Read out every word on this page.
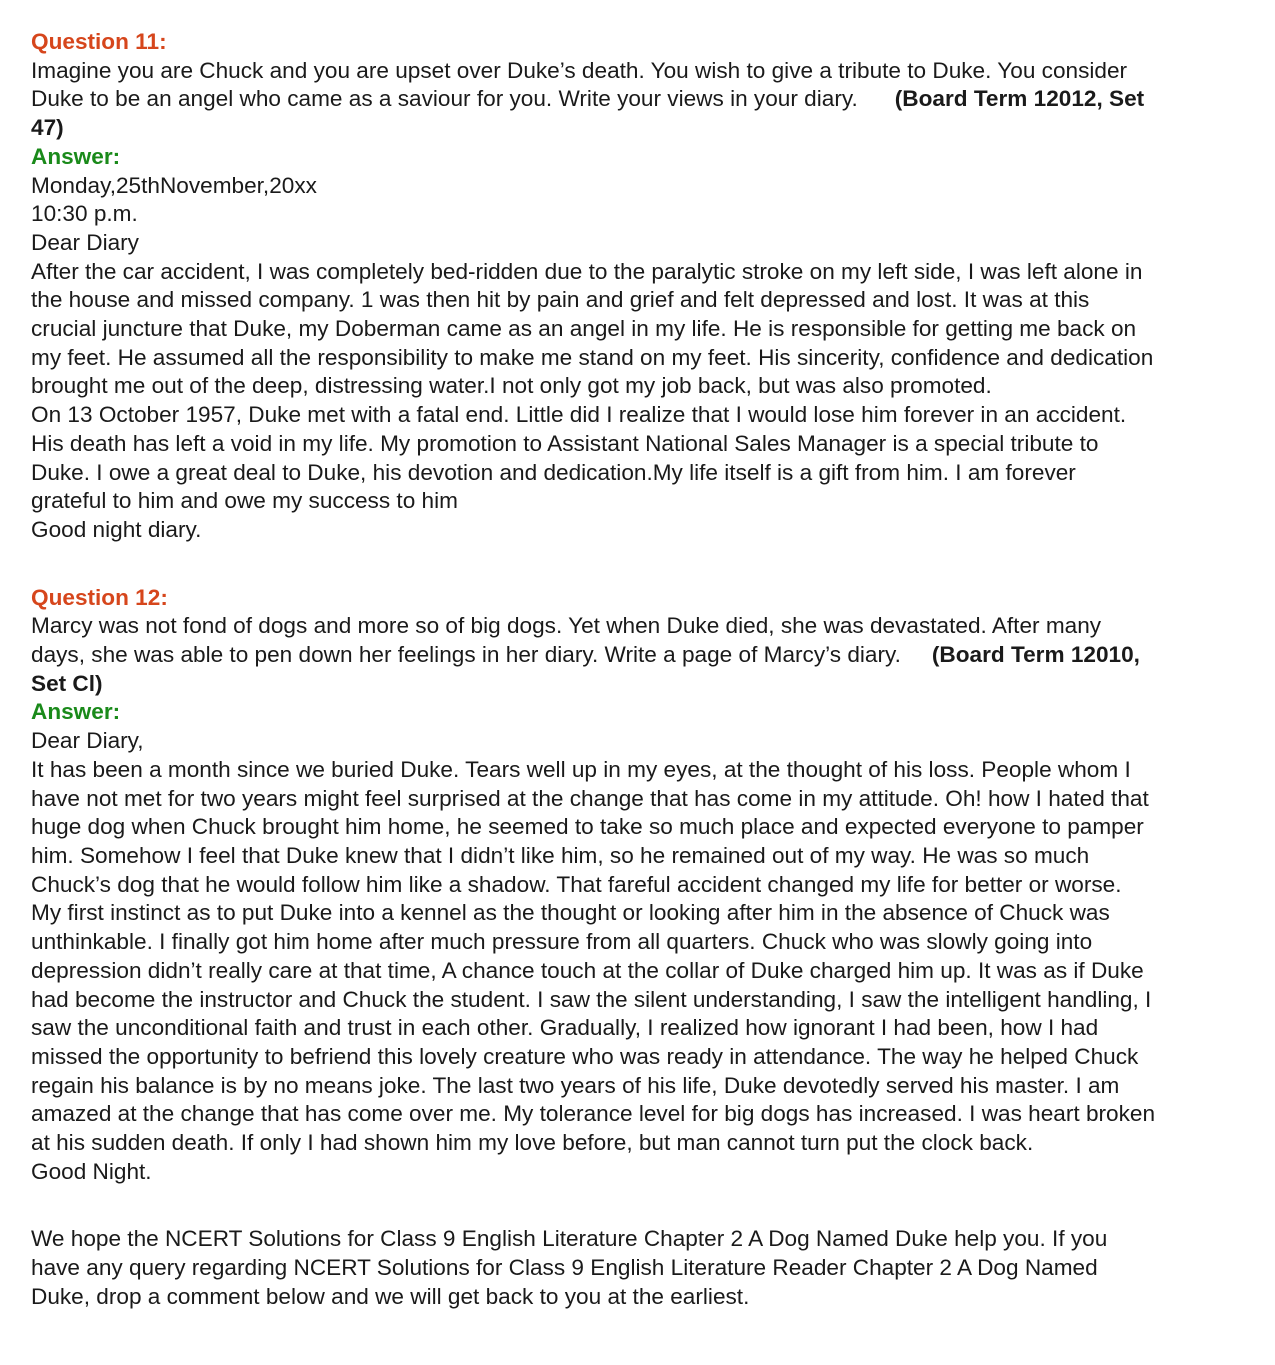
Question 11:
Imagine you are Chuck and you are upset over Duke’s death. You wish to give a tribute to Duke. You consider
Duke to be an angel who came as a saviour for you. Write your views in your diary. (Board Term 12012, Set
47)
Answer:
Monday,25thNovember,20xx
10:30 p.m.
Dear Diary
After the car accident, I was completely bed-ridden due to the paralytic stroke on my left side, I was left alone in
the house and missed company. 1 was then hit by pain and grief and felt depressed and lost. It was at this
crucial juncture that Duke, my Doberman came as an angel in my life. He is responsible for getting me back on
my feet. He assumed all the responsibility to make me stand on my feet. His sincerity, confidence and dedication
brought me out of the deep, distressing water.I not only got my job back, but was also promoted.
On 13 October 1957, Duke met with a fatal end. Little did I realize that I would lose him forever in an accident.
His death has left a void in my life. My promotion to Assistant National Sales Manager is a special tribute to
Duke. I owe a great deal to Duke, his devotion and dedication.My life itself is a gift from him. I am forever
grateful to him and owe my success to him
Good night diary.
Question 12:
Marcy was not fond of dogs and more so of big dogs. Yet when Duke died, she was devastated. After many
days, she was able to pen down her feelings in her diary. Write a page of Marcy’s diary. (Board Term 12010,
Set Cl)
Answer:
Dear Diary,
It has been a month since we buried Duke. Tears well up in my eyes, at the thought of his loss. People whom I
have not met for two years might feel surprised at the change that has come in my attitude. Oh! how I hated that
huge dog when Chuck brought him home, he seemed to take so much place and expected everyone to pamper
him. Somehow I feel that Duke knew that I didn’t like him, so he remained out of my way. He was so much
Chuck’s dog that he would follow him like a shadow. That fareful accident changed my life for better or worse.
My first instinct as to put Duke into a kennel as the thought or looking after him in the absence of Chuck was
unthinkable. I finally got him home after much pressure from all quarters. Chuck who was slowly going into
depression didn’t really care at that time, A chance touch at the collar of Duke charged him up. It was as if Duke
had become the instructor and Chuck the student. I saw the silent understanding, I saw the intelligent handling, I
saw the unconditional faith and trust in each other. Gradually, I realized how ignorant I had been, how I had
missed the opportunity to befriend this lovely creature who was ready in attendance. The way he helped Chuck
regain his balance is by no means joke. The last two years of his life, Duke devotedly served his master. I am
amazed at the change that has come over me. My tolerance level for big dogs has increased. I was heart broken
at his sudden death. If only I had shown him my love before, but man cannot turn put the clock back.
Good Night.
We hope the NCERT Solutions for Class 9 English Literature Chapter 2 A Dog Named Duke help you. If you
have any query regarding NCERT Solutions for Class 9 English Literature Reader Chapter 2 A Dog Named
Duke, drop a comment below and we will get back to you at the earliest.
